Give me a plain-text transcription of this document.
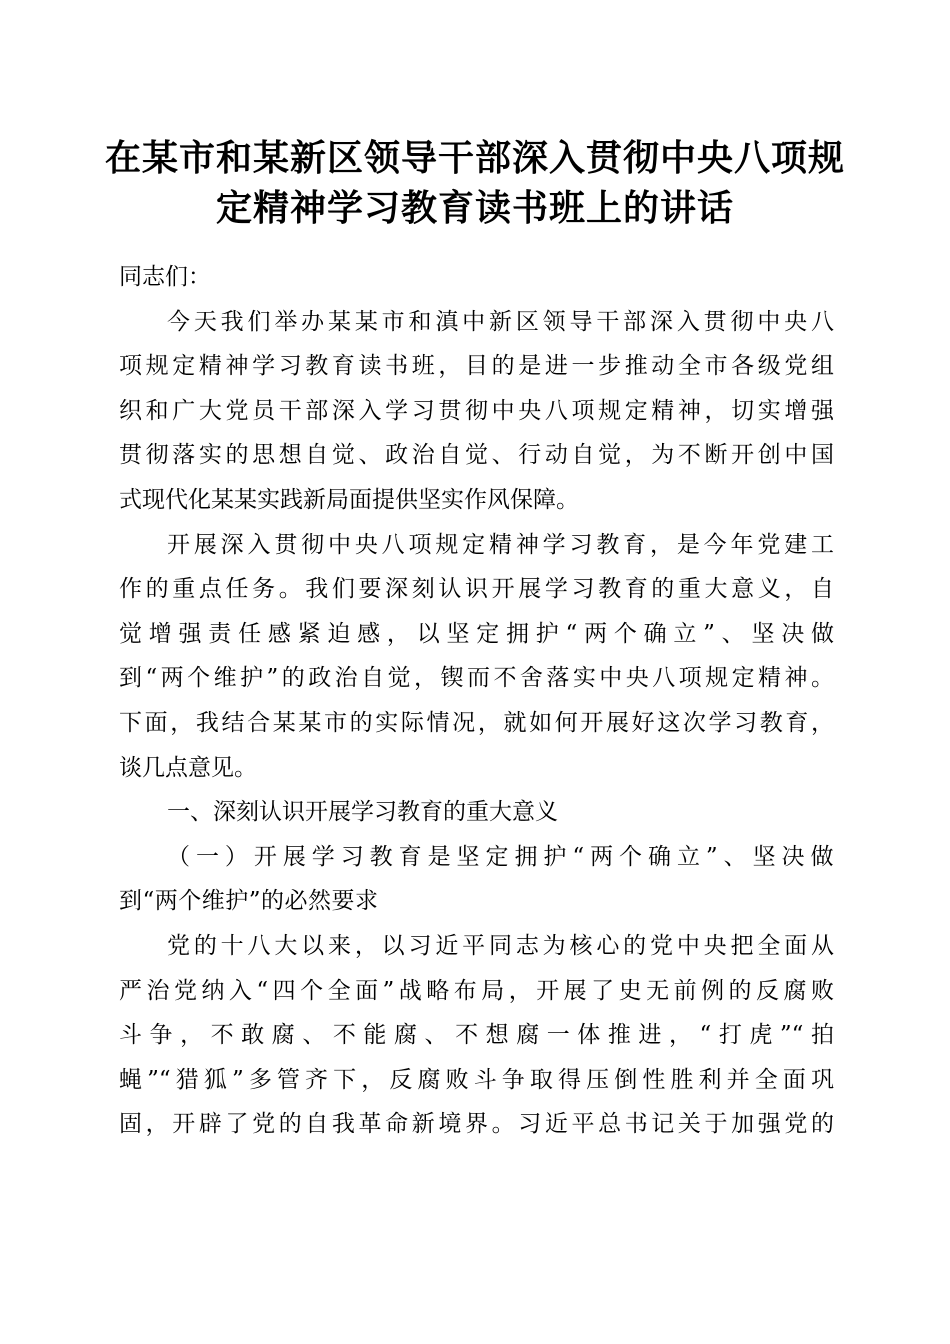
在某市和某新区领导干部深入贯彻中央八项规
定精神学习教育读书班上的讲话
同志们：
今天我们举办某某市和滇中新区领导干部深入贯彻中央八
项规定精神学习教育读书班，目的是进一步推动全市各级党组
织和广大党员干部深入学习贯彻中央八项规定精神，切实增强
贯彻落实的思想自觉、政治自觉、行动自觉，为不断开创中国
式现代化某某实践新局面提供坚实作风保障。
开展深入贯彻中央八项规定精神学习教育，是今年党建工
作的重点任务。我们要深刻认识开展学习教育的重大意义，自
觉增强责任感紧迫感，以坚定拥护“两个确立”、坚决做
到“两个维护”的政治自觉，锲而不舍落实中央八项规定精神。
下面，我结合某某市的实际情况，就如何开展好这次学习教育，
谈几点意见。
一、深刻认识开展学习教育的重大意义
（一）开展学习教育是坚定拥护“两个确立”、坚决做
到“两个维护”的必然要求
党的十八大以来，以习近平同志为核心的党中央把全面从
严治党纳入“四个全面”战略布局，开展了史无前例的反腐败
斗争，不敢腐、不能腐、不想腐一体推进，“打虎”“拍
蝇”“猎狐”多管齐下，反腐败斗争取得压倒性胜利并全面巩
固，开辟了党的自我革命新境界。习近平总书记关于加强党的
